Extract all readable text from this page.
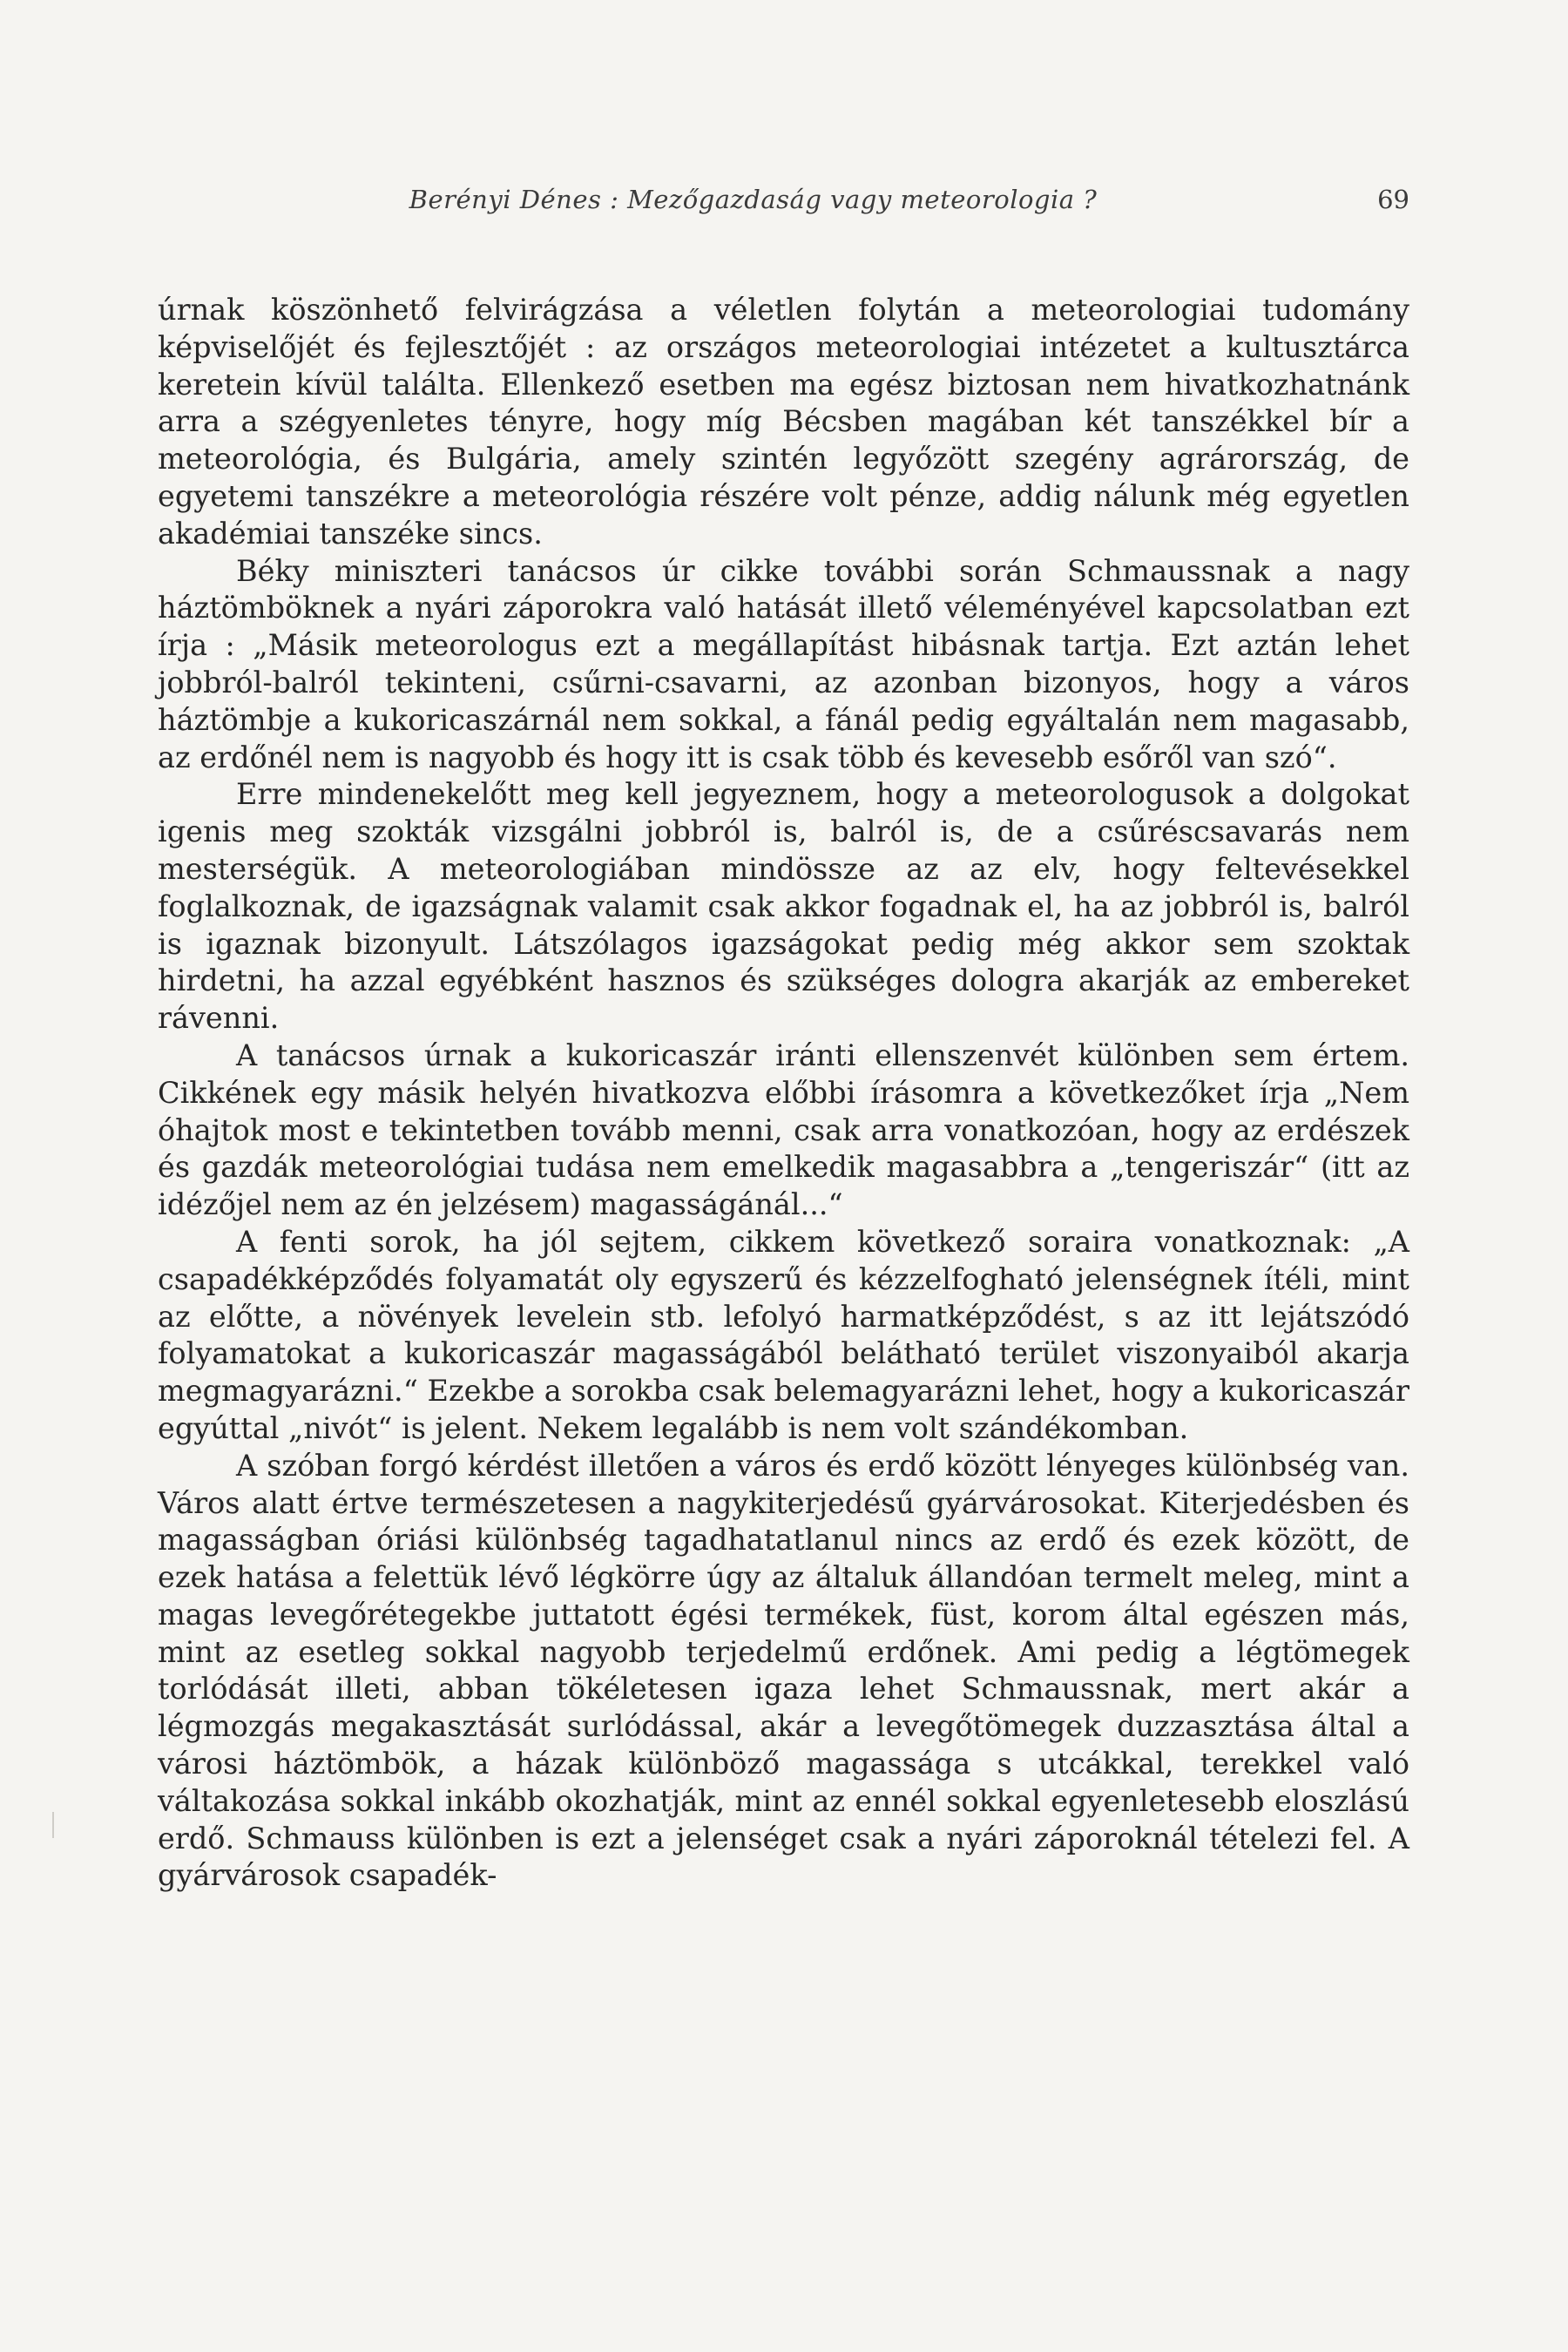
Berényi Dénes : Mezőgazdaság vagy meteorologia ?	69

úrnak köszönhető felvirágzása a véletlen folytán a meteorologiai tudomány képviselőjét és fejlesztőjét : az országos meteorologiai intézetet a kultusztárca keretein kívül találta. Ellenkező esetben ma egész biztosan nem hivatkozhatnánk arra a szégyenletes tényre, hogy míg Bécsben magában két tanszékkel bír a meteorológia, és Bulgária, amely szintén legyőzött szegény agrárország, de egyetemi tanszékre a meteorológia részére volt pénze, addig nálunk még egyetlen akadémiai tanszéke sincs.

Béky miniszteri tanácsos úr cikke további során Schmaussnak a nagy háztömböknek a nyári záporokra való hatását illető véleményével kapcsolatban ezt írja : „Másik meteorologus ezt a megállapítást hibásnak tartja. Ezt aztán lehet jobbról-balról tekinteni, csűrni-csavarni, az azonban bizonyos, hogy a város háztömbje a kukoricaszárnál nem sokkal, a fánál pedig egyáltalán nem magasabb, az erdőnél nem is nagyobb és hogy itt is csak több és kevesebb esőről van szó“.

Erre mindenekelőtt meg kell jegyeznem, hogy a meteorologusok a dolgokat igenis meg szokták vizsgálni jobbról is, balról is, de a csűréscsavarás nem mesterségük. A meteorologiában mindössze az az elv, hogy feltevésekkel foglalkoznak, de igazságnak valamit csak akkor fogadnak el, ha az jobbról is, balról is igaznak bizonyult. Látszólagos igazságokat pedig még akkor sem szoktak hirdetni, ha azzal egyébként hasznos és szükséges dologra akarják az embereket rávenni.

A tanácsos úrnak a kukoricaszár iránti ellenszenvét különben sem értem. Cikkének egy másik helyén hivatkozva előbbi írásomra a következőket írja „Nem óhajtok most e tekintetben tovább menni, csak arra vonatkozóan, hogy az erdészek és gazdák meteorológiai tudása nem emelkedik magasabbra a „tengeriszár“ (itt az idézőjel nem az én jelzésem) magasságánál...“

A fenti sorok, ha jól sejtem, cikkem következő soraira vonatkoznak: „A csapadékképződés folyamatát oly egyszerű és kézzelfogható jelenségnek ítéli, mint az előtte, a növények levelein stb. lefolyó harmatképződést, s az itt lejátszódó folyamatokat a kukoricaszár magasságából belátható terület viszonyaiból akarja megmagyarázni.“ Ezekbe a sorokba csak belemagyarázni lehet, hogy a kukoricaszár egyúttal „nivót“ is jelent. Nekem legalább is nem volt szándékomban.

A szóban forgó kérdést illetően a város és erdő között lényeges különbség van. Város alatt értve természetesen a nagykiterjedésű gyárvárosokat. Kiterjedésben és magasságban óriási különbség tagadhatatlanul nincs az erdő és ezek között, de ezek hatása a felettük lévő légkörre úgy az általuk állandóan termelt meleg, mint a magas levegőrétegekbe juttatott égési termékek, füst, korom által egészen más, mint az esetleg sokkal nagyobb terjedelmű erdőnek. Ami pedig a légtömegek torlódását illeti, abban tökéletesen igaza lehet Schmaussnak, mert akár a légmozgás megakasztását surlódással, akár a levegőtömegek duzzasztása által a városi háztömbök, a házak különböző magassága s utcákkal, terekkel való váltakozása sokkal inkább okozhatják, mint az ennél sokkal egyenletesebb eloszlású erdő. Schmauss különben is ezt a jelenséget csak a nyári záporoknál tételezi fel. A gyárvárosok csapadék-
